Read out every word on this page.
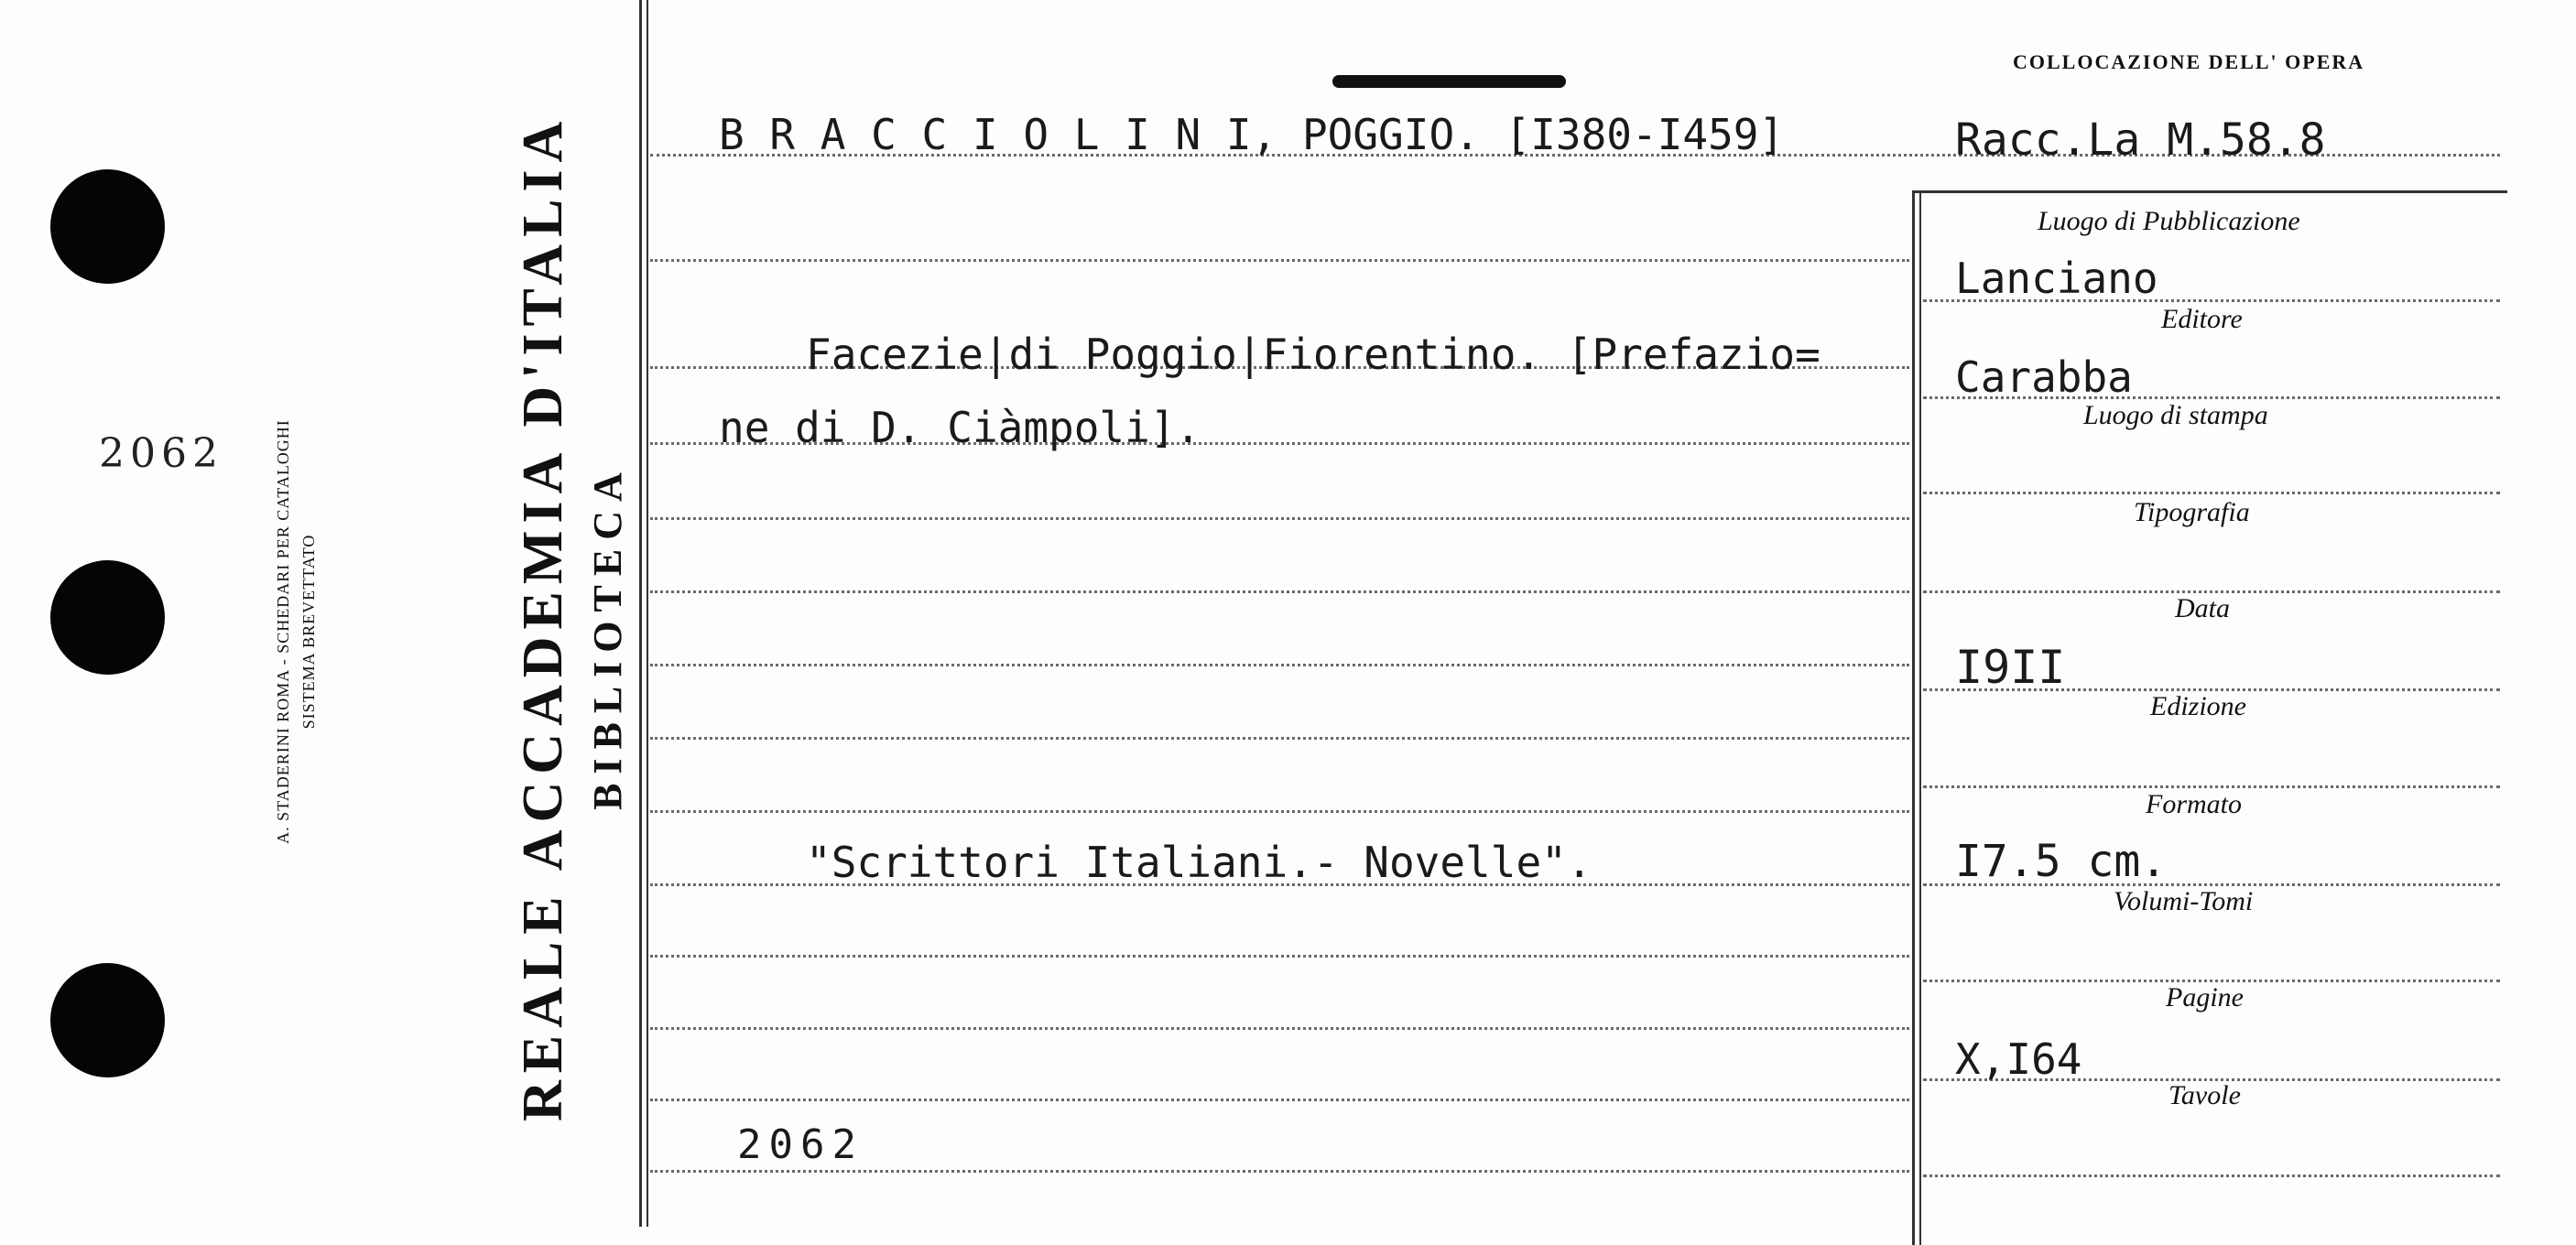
2062	A. STADERINI ROMA - SCHEDARI PER CATALOGHI SISTEMA BREVETTATO	REALE ACCADEMIA D'ITALIA BIBLIOTECA
COLLOCAZIONE DELL' OPERA
Racc.La M.58.8
B R A C C I O L I N I, POGGIO. [I380-I459]
Facezie|di Poggio|Fiorentino. [Prefazio=
ne di D. Ciàmpoli].
"Scrittori Italiani.- Novelle".
2062
Luogo di Pubblicazione
Editore
Luogo di stampa
Tipografia
Data
Edizione
Formato
Volumi-Tomi
Pagine
Tavole
Lanciano
Carabba
I9II
I7.5 cm.
X,I64
